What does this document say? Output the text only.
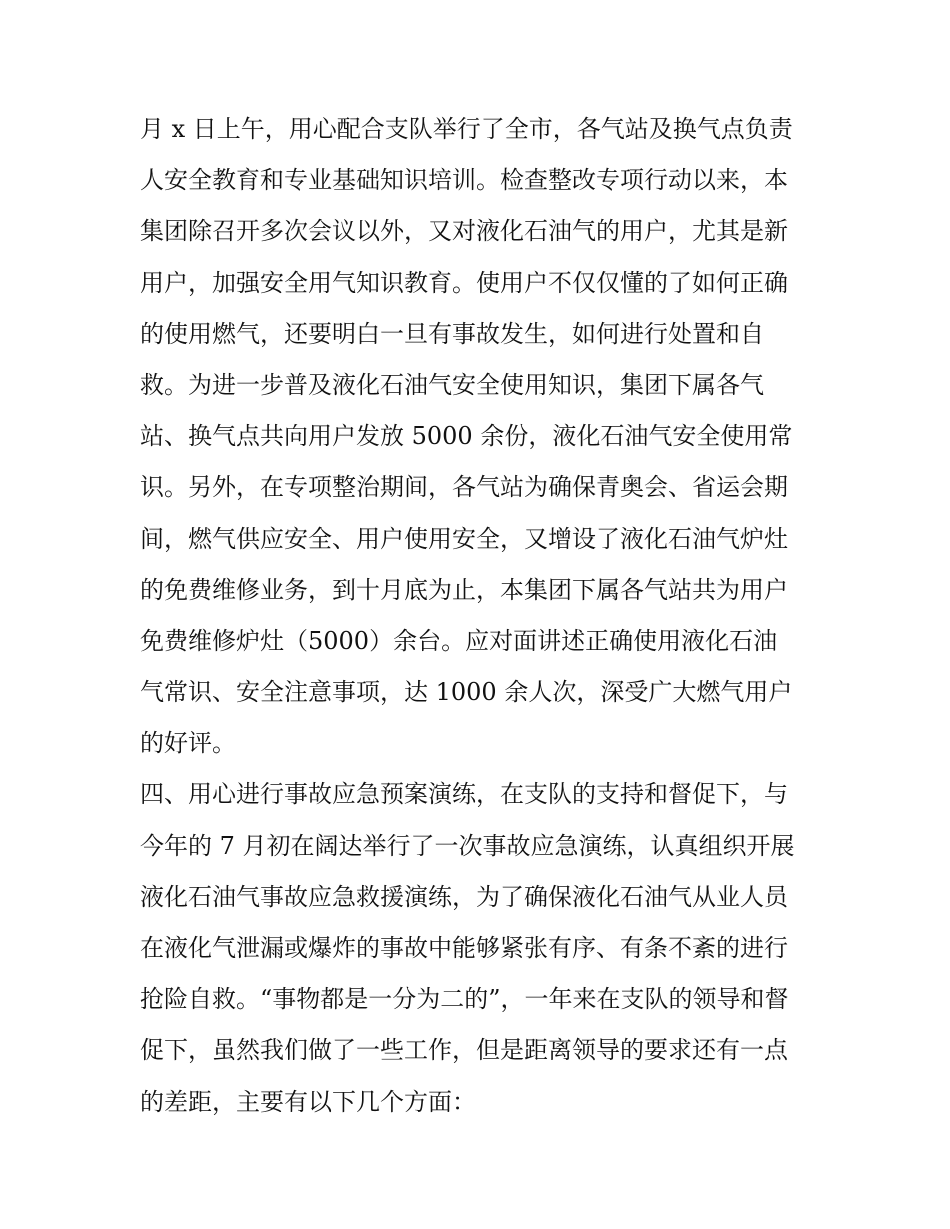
月 x 日上午，用心配合支队举行了全市，各气站及换气点负责
人安全教育和专业基础知识培训。检查整改专项行动以来，本
集团除召开多次会议以外，又对液化石油气的用户，尤其是新
用户，加强安全用气知识教育。使用户不仅仅懂的了如何正确
的使用燃气，还要明白一旦有事故发生，如何进行处置和自
救。为进一步普及液化石油气安全使用知识，集团下属各气
站、换气点共向用户发放 5000 余份，液化石油气安全使用常
识。另外，在专项整治期间，各气站为确保青奥会、省运会期
间，燃气供应安全、用户使用安全，又增设了液化石油气炉灶
的免费维修业务，到十月底为止，本集团下属各气站共为用户
免费维修炉灶（5000）余台。应对面讲述正确使用液化石油
气常识、安全注意事项，达 1000 余人次，深受广大燃气用户
的好评。
四、用心进行事故应急预案演练，在支队的支持和督促下，与
今年的 7 月初在阔达举行了一次事故应急演练，认真组织开展
液化石油气事故应急救援演练，为了确保液化石油气从业人员
在液化气泄漏或爆炸的事故中能够紧张有序、有条不紊的进行
抢险自救。“事物都是一分为二的”，一年来在支队的领导和督
促下，虽然我们做了一些工作，但是距离领导的要求还有一点
的差距，主要有以下几个方面：
